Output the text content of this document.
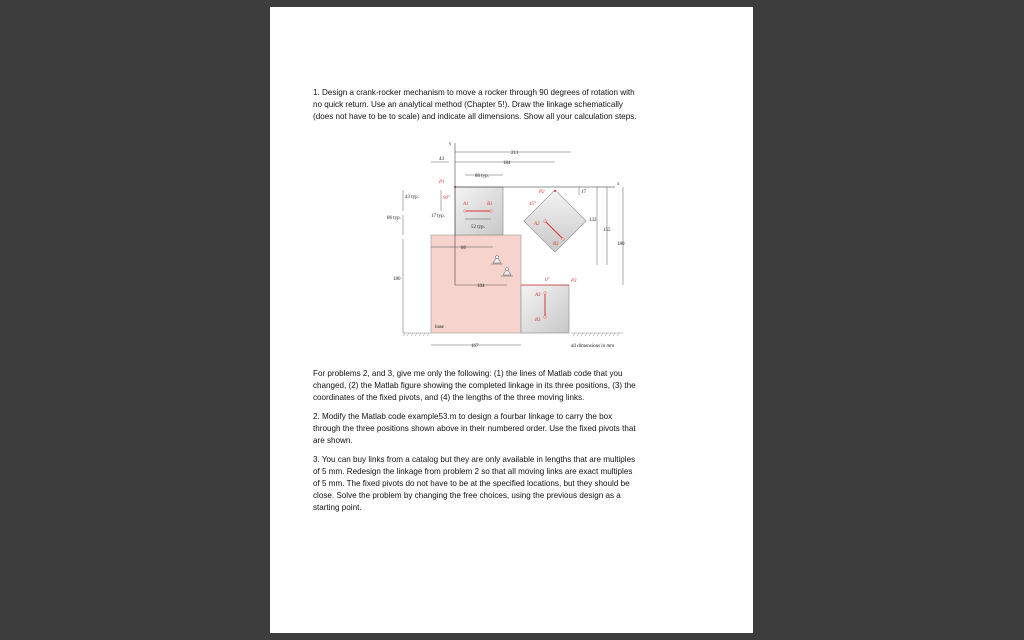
1. Design a crank-rocker mechanism to move a rocker through 90 degrees of rotation with
no quick return. Use an analytical method (Chapter 5!). Draw the linkage schematically
(does not have to be to scale) and indicate all dimensions. Show all your calculation steps.

base
P1
A1	B1
90°
P2
A2
B2
45°
P3
A3
B3
0°
y
x
211
184
43
86 typ.
43 typ.
86 typ.	17 typ.
52 typ.
17
132
155
180
86
180
104
167	all dimensions in mm

For problems 2, and 3, give me only the following: (1) the lines of Matlab code that you
changed, (2) the Matlab figure showing the completed linkage in its three positions, (3) the
coordinates of the fixed pivots, and (4) the lengths of the three moving links.

2. Modify the Matlab code example53.m to design a fourbar linkage to carry the box
through the three positions shown above in their numbered order. Use the fixed pivots that
are shown.

3. You can buy links from a catalog but they are only available in lengths that are multiples
of 5 mm. Redesign the linkage from problem 2 so that all moving links are exact multiples
of 5 mm. The fixed pivots do not have to be at the specified locations, but they should be
close. Solve the problem by changing the free choices, using the previous design as a
starting point.
